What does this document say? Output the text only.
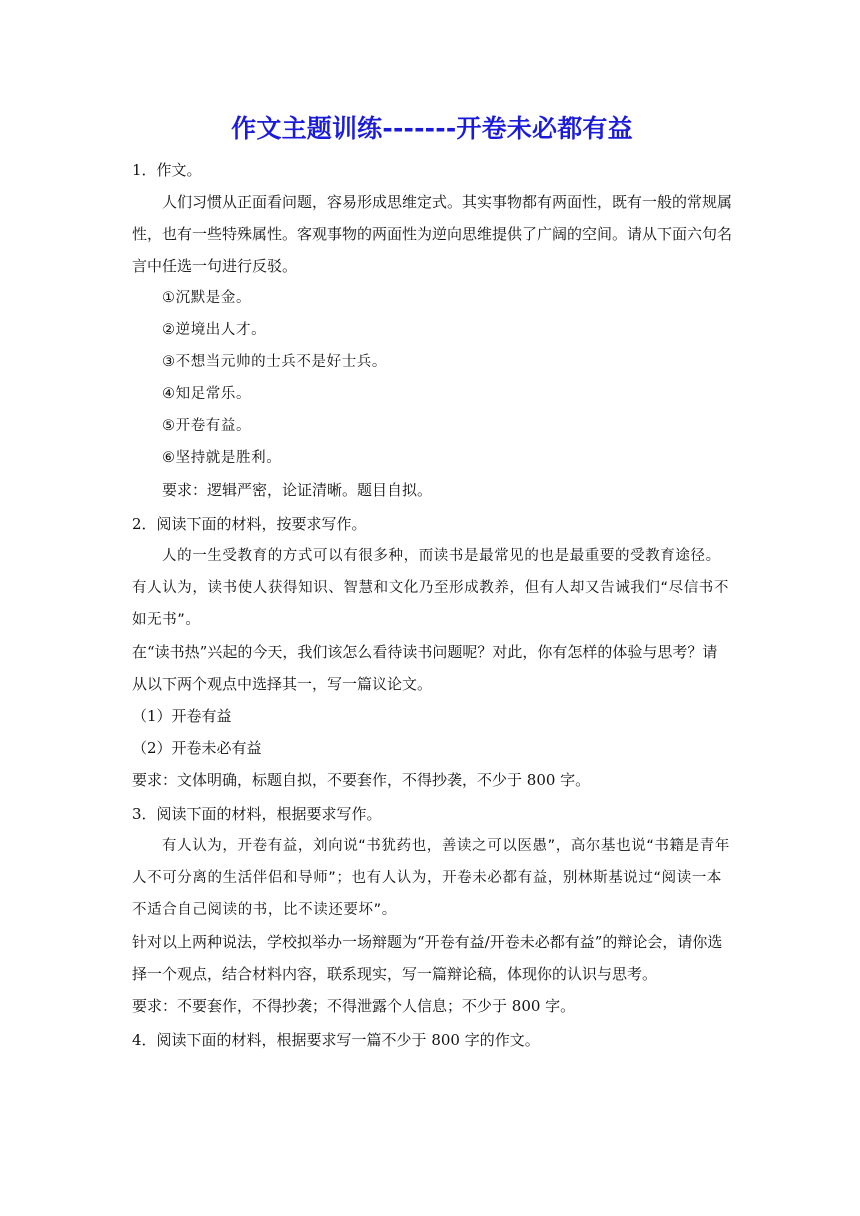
作文主题训练-------开卷未必都有益

1．作文。

人们习惯从正面看问题，容易形成思维定式。其实事物都有两面性，既有一般的常规属性，也有一些特殊属性。客观事物的两面性为逆向思维提供了广阔的空间。请从下面六句名言中任选一句进行反驳。

①沉默是金。

②逆境出人才。

③不想当元帅的士兵不是好士兵。

④知足常乐。

⑤开卷有益。

⑥坚持就是胜利。

要求：逻辑严密，论证清晰。题目自拟。

2．阅读下面的材料，按要求写作。

人的一生受教育的方式可以有很多种，而读书是最常见的也是最重要的受教育途径。有人认为，读书使人获得知识、智慧和文化乃至形成教养，但有人却又告诫我们“尽信书不如无书”。

在“读书热”兴起的今天，我们该怎么看待读书问题呢？对此，你有怎样的体验与思考？请从以下两个观点中选择其一，写一篇议论文。

（1）开卷有益

（2）开卷未必有益

要求：文体明确，标题自拟，不要套作，不得抄袭，不少于 800 字。

3．阅读下面的材料，根据要求写作。

有人认为，开卷有益，刘向说“书犹药也，善读之可以医愚”，高尔基也说“书籍是青年人不可分离的生活伴侣和导师”；也有人认为，开卷未必都有益，别林斯基说过“阅读一本不适合自己阅读的书，比不读还要坏”。

针对以上两种说法，学校拟举办一场辩题为“开卷有益/开卷未必都有益”的辩论会，请你选择一个观点，结合材料内容，联系现实，写一篇辩论稿，体现你的认识与思考。

要求：不要套作，不得抄袭；不得泄露个人信息；不少于 800 字。

4．阅读下面的材料，根据要求写一篇不少于 800 字的作文。
